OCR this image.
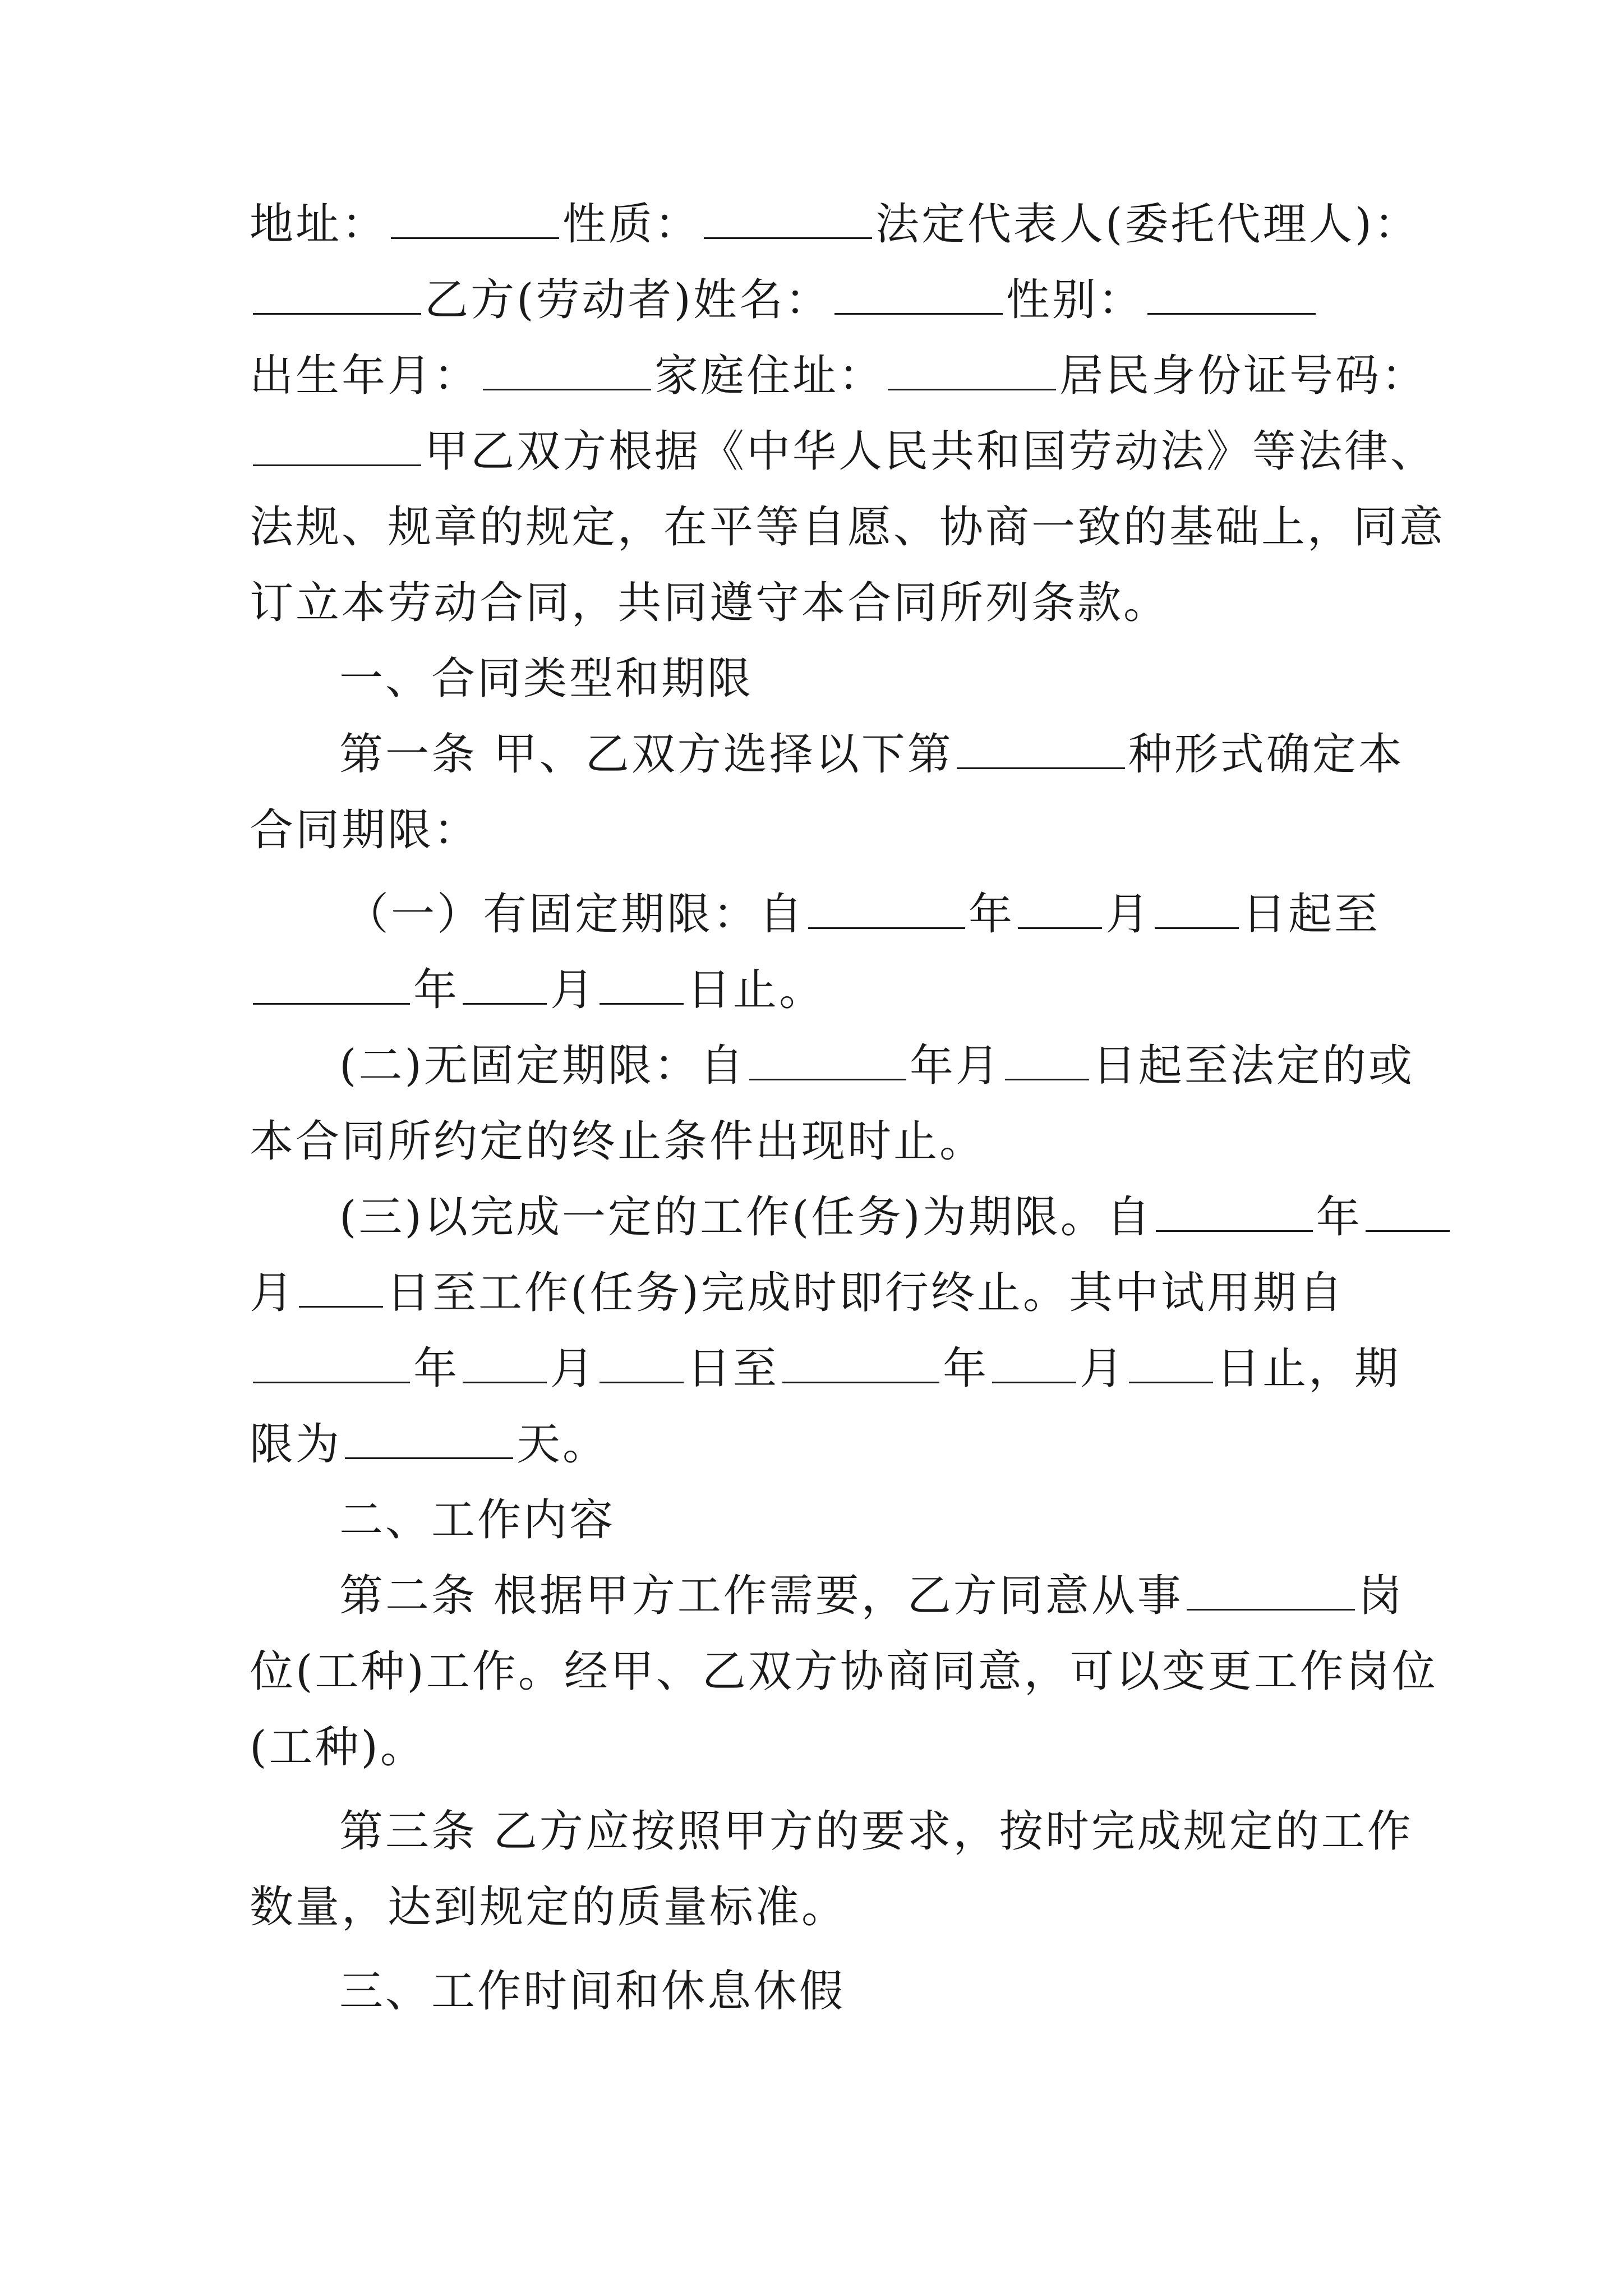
地址：	性质：	法定代表人(委托代理人)：
乙方(劳动者)姓名：	性别：
出生年月：	家庭住址：	居民身份证号码：
甲乙双方根据《中华人民共和国劳动法》等法律、
法规、规章的规定，在平等自愿、协商一致的基础上，同意
订立本劳动合同，共同遵守本合同所列条款。
一、合同类型和期限
第一条 甲、乙双方选择以下第	种形式确定本
合同期限：
（一）有固定期限：自	年 月 日起至
年 月 日止。
(二)无固定期限：自	年月 日起至法定的或
本合同所约定的终止条件出现时止。
(三)以完成一定的工作(任务)为期限。自	年
月 日至工作(任务)完成时即行终止。其中试用期自
年 月 日至	年 月 日止，期
限为	天。
二、工作内容
第二条 根据甲方工作需要，乙方同意从事	岗
位(工种)工作。经甲、乙双方协商同意，可以变更工作岗位
(工种)。
第三条 乙方应按照甲方的要求，按时完成规定的工作
数量，达到规定的质量标准。
三、工作时间和休息休假
